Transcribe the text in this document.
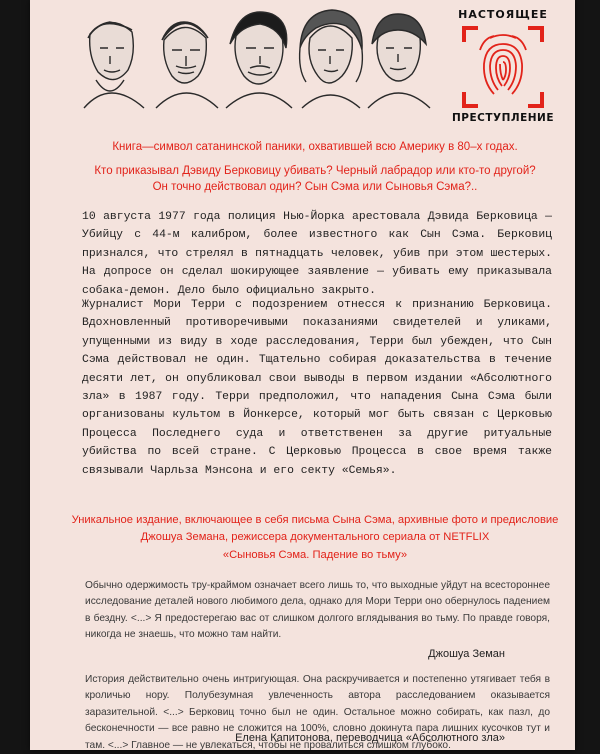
НАСТОЯЩЕЕ
ПРЕСТУПЛЕНИЕ
Книга—символ сатанинской паники, охватившей всю Америку в 80–х годах.
Кто приказывал Дэвиду Берковицу убивать? Черный лабрадор или кто-то другой?
Он точно действовал один? Сын Сэма или Сыновья Сэма?..
10 августа 1977 года полиция Нью-Йорка арестовала Дэвида Берковица — Убийцу с 44-м калибром, более известного как Сын Сэма. Берковиц признался, что стрелял в пятнадцать человек, убив при этом шестерых. На допросе он сделал шокирующее заявление — убивать ему приказывала собака-демон. Дело было официально закрыто.
Журналист Мори Терри с подозрением отнесся к признанию Берковица. Вдохновленный противоречивыми показаниями свидетелей и уликами, упущенными из виду в ходе расследования, Терри был убежден, что Сын Сэма действовал не один. Тщательно собирая доказательства в течение десяти лет, он опубликовал свои выводы в первом издании «Абсолютного зла» в 1987 году. Терри предположил, что нападения Сына Сэма были организованы культом в Йонкерсе, который мог быть связан с Церковью Процесса Последнего суда и ответственен за другие ритуальные убийства по всей стране. С Церковью Процесса в свое время также связывали Чарльза Мэнсона и его секту «Семья».
Уникальное издание, включающее в себя письма Сына Сэма, архивные фото и предисловие
Джошуа Земана, режиссера документального сериала от NETFLIX
«Сыновья Сэма. Падение во тьму»
Обычно одержимость тру-краймом означает всего лишь то, что выходные уйдут на всестороннее исследование деталей нового любимого дела, однако для Мори Терри оно обернулось падением в бездну. <...> Я предостерегаю вас от слишком долгого вглядывания во тьму. По правде говоря, никогда не знаешь, что можно там найти.
Джошуа Земан
История действительно очень интригующая. Она раскручивается и постепенно утягивает тебя в кроличью нору. Полубезумная увлеченность автора расследованием оказывается заразительной. <...> Берковиц точно был не один. Остальное можно собирать, как пазл, до бесконечности — все равно не сложится на 100%, словно докинута пара лишних кусочков тут и там. <...> Главное — не увлекаться, чтобы не провалиться слишком глубоко.
Елена Капитонова, переводчица «Абсолютного зла»
